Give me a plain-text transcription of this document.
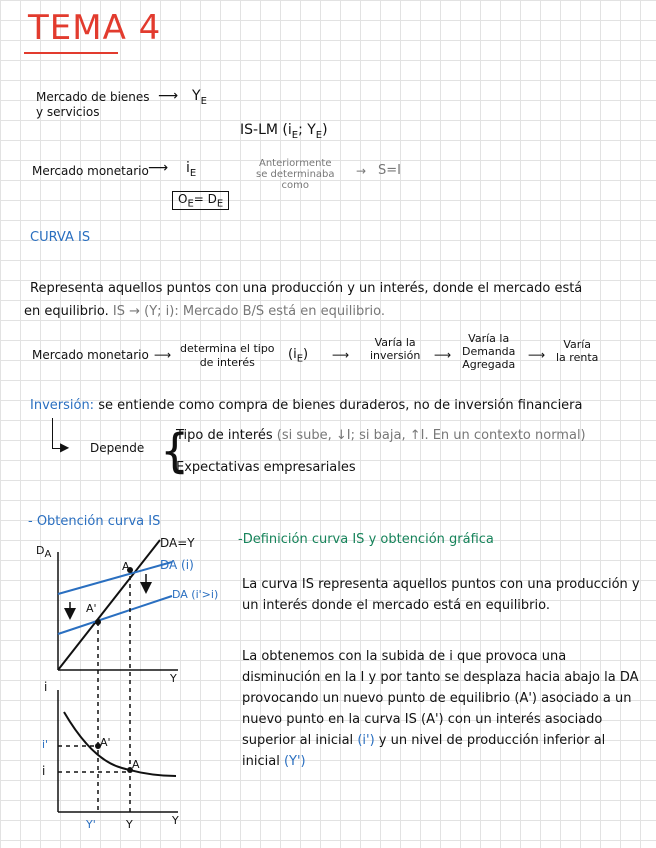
TEMA 4
Mercado de bienes
y servicios
⟶ $Y_E$
IS-LM ($i_E$; $Y_E$)
Mercado monetario ⟶ $i_E$
Anteriormente
se determinaba
como
→ S=I
$O_E= D_E$
CURVA IS
Representa aquellos puntos con una producción y un interés, donde el mercado está
en equilibrio. IS → (Y; i): Mercado B/S está en equilibrio.
Mercado monetario ⟶ determina el tipo
de interés
$(i_E)$ ⟶
Varía la
inversión ⟶
Varía la
Demanda
Agregada
⟶
Varía
la renta
Inversión: se entiende como compra de bienes duraderos, no de inversión financiera
▶ Depende {
Tipo de interés (si sube, ↓I; si baja, ↑I. En un contexto normal)
Expectativas empresariales
- Obtención curva IS
$D_A$
DA=Y
DA (i)
DA (i'>i)
A
A'
Y
i
i'	A'
A
i
Y'	Y	Y
-Definición curva IS y obtención gráfica
La curva IS representa aquellos puntos con una producción y un interés donde el mercado está en equilibrio.
La obtenemos con la subida de i que provoca una disminución en la I y por tanto se desplaza hacia abajo la DA provocando un nuevo punto de equilibrio (A') asociado a un nuevo punto en la curva IS (A') con un interés asociado superior al inicial (i') y un nivel de producción inferior al inicial (Y')
